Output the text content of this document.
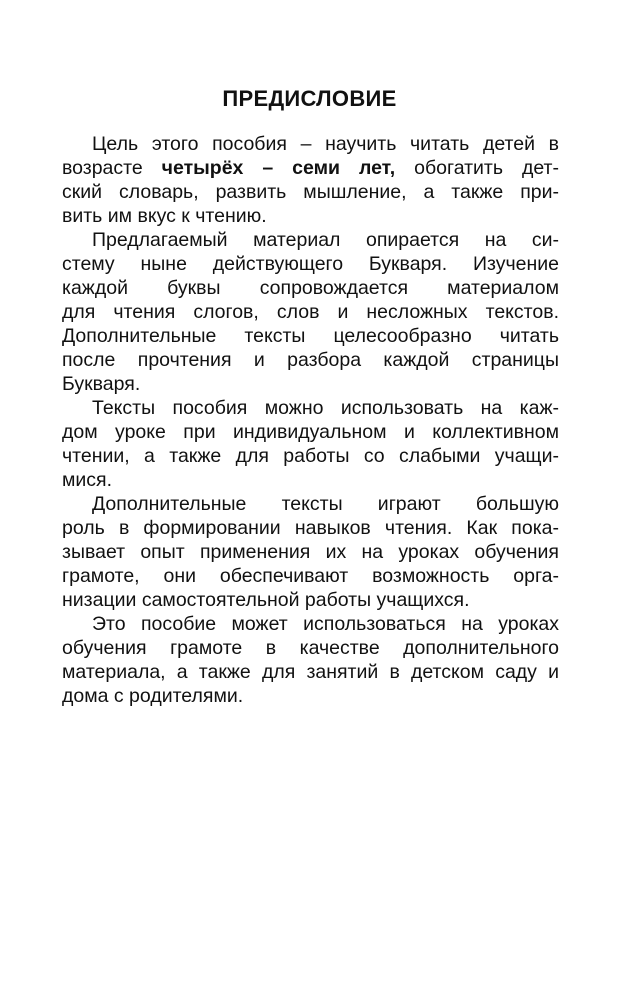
ПРЕДИСЛОВИЕ
Цель этого пособия – научить читать детей в
возрасте четырёх – семи лет, обогатить дет-
ский словарь, развить мышление, а также при-
вить им вкус к чтению.
Предлагаемый материал опирается на си-
стему ныне действующего Букваря. Изучение
каждой буквы сопровождается материалом
для чтения слогов, слов и несложных текстов.
Дополнительные тексты целесообразно читать
после прочтения и разбора каждой страницы
Букваря.
Тексты пособия можно использовать на каж-
дом уроке при индивидуальном и коллективном
чтении, а также для работы со слабыми учащи-
мися.
Дополнительные тексты играют большую
роль в формировании навыков чтения. Как пока-
зывает опыт применения их на уроках обучения
грамоте, они обеспечивают возможность орга-
низации самостоятельной работы учащихся.
Это пособие может использоваться на уроках
обучения грамоте в качестве дополнительного
материала, а также для занятий в детском саду и
дома с родителями.
